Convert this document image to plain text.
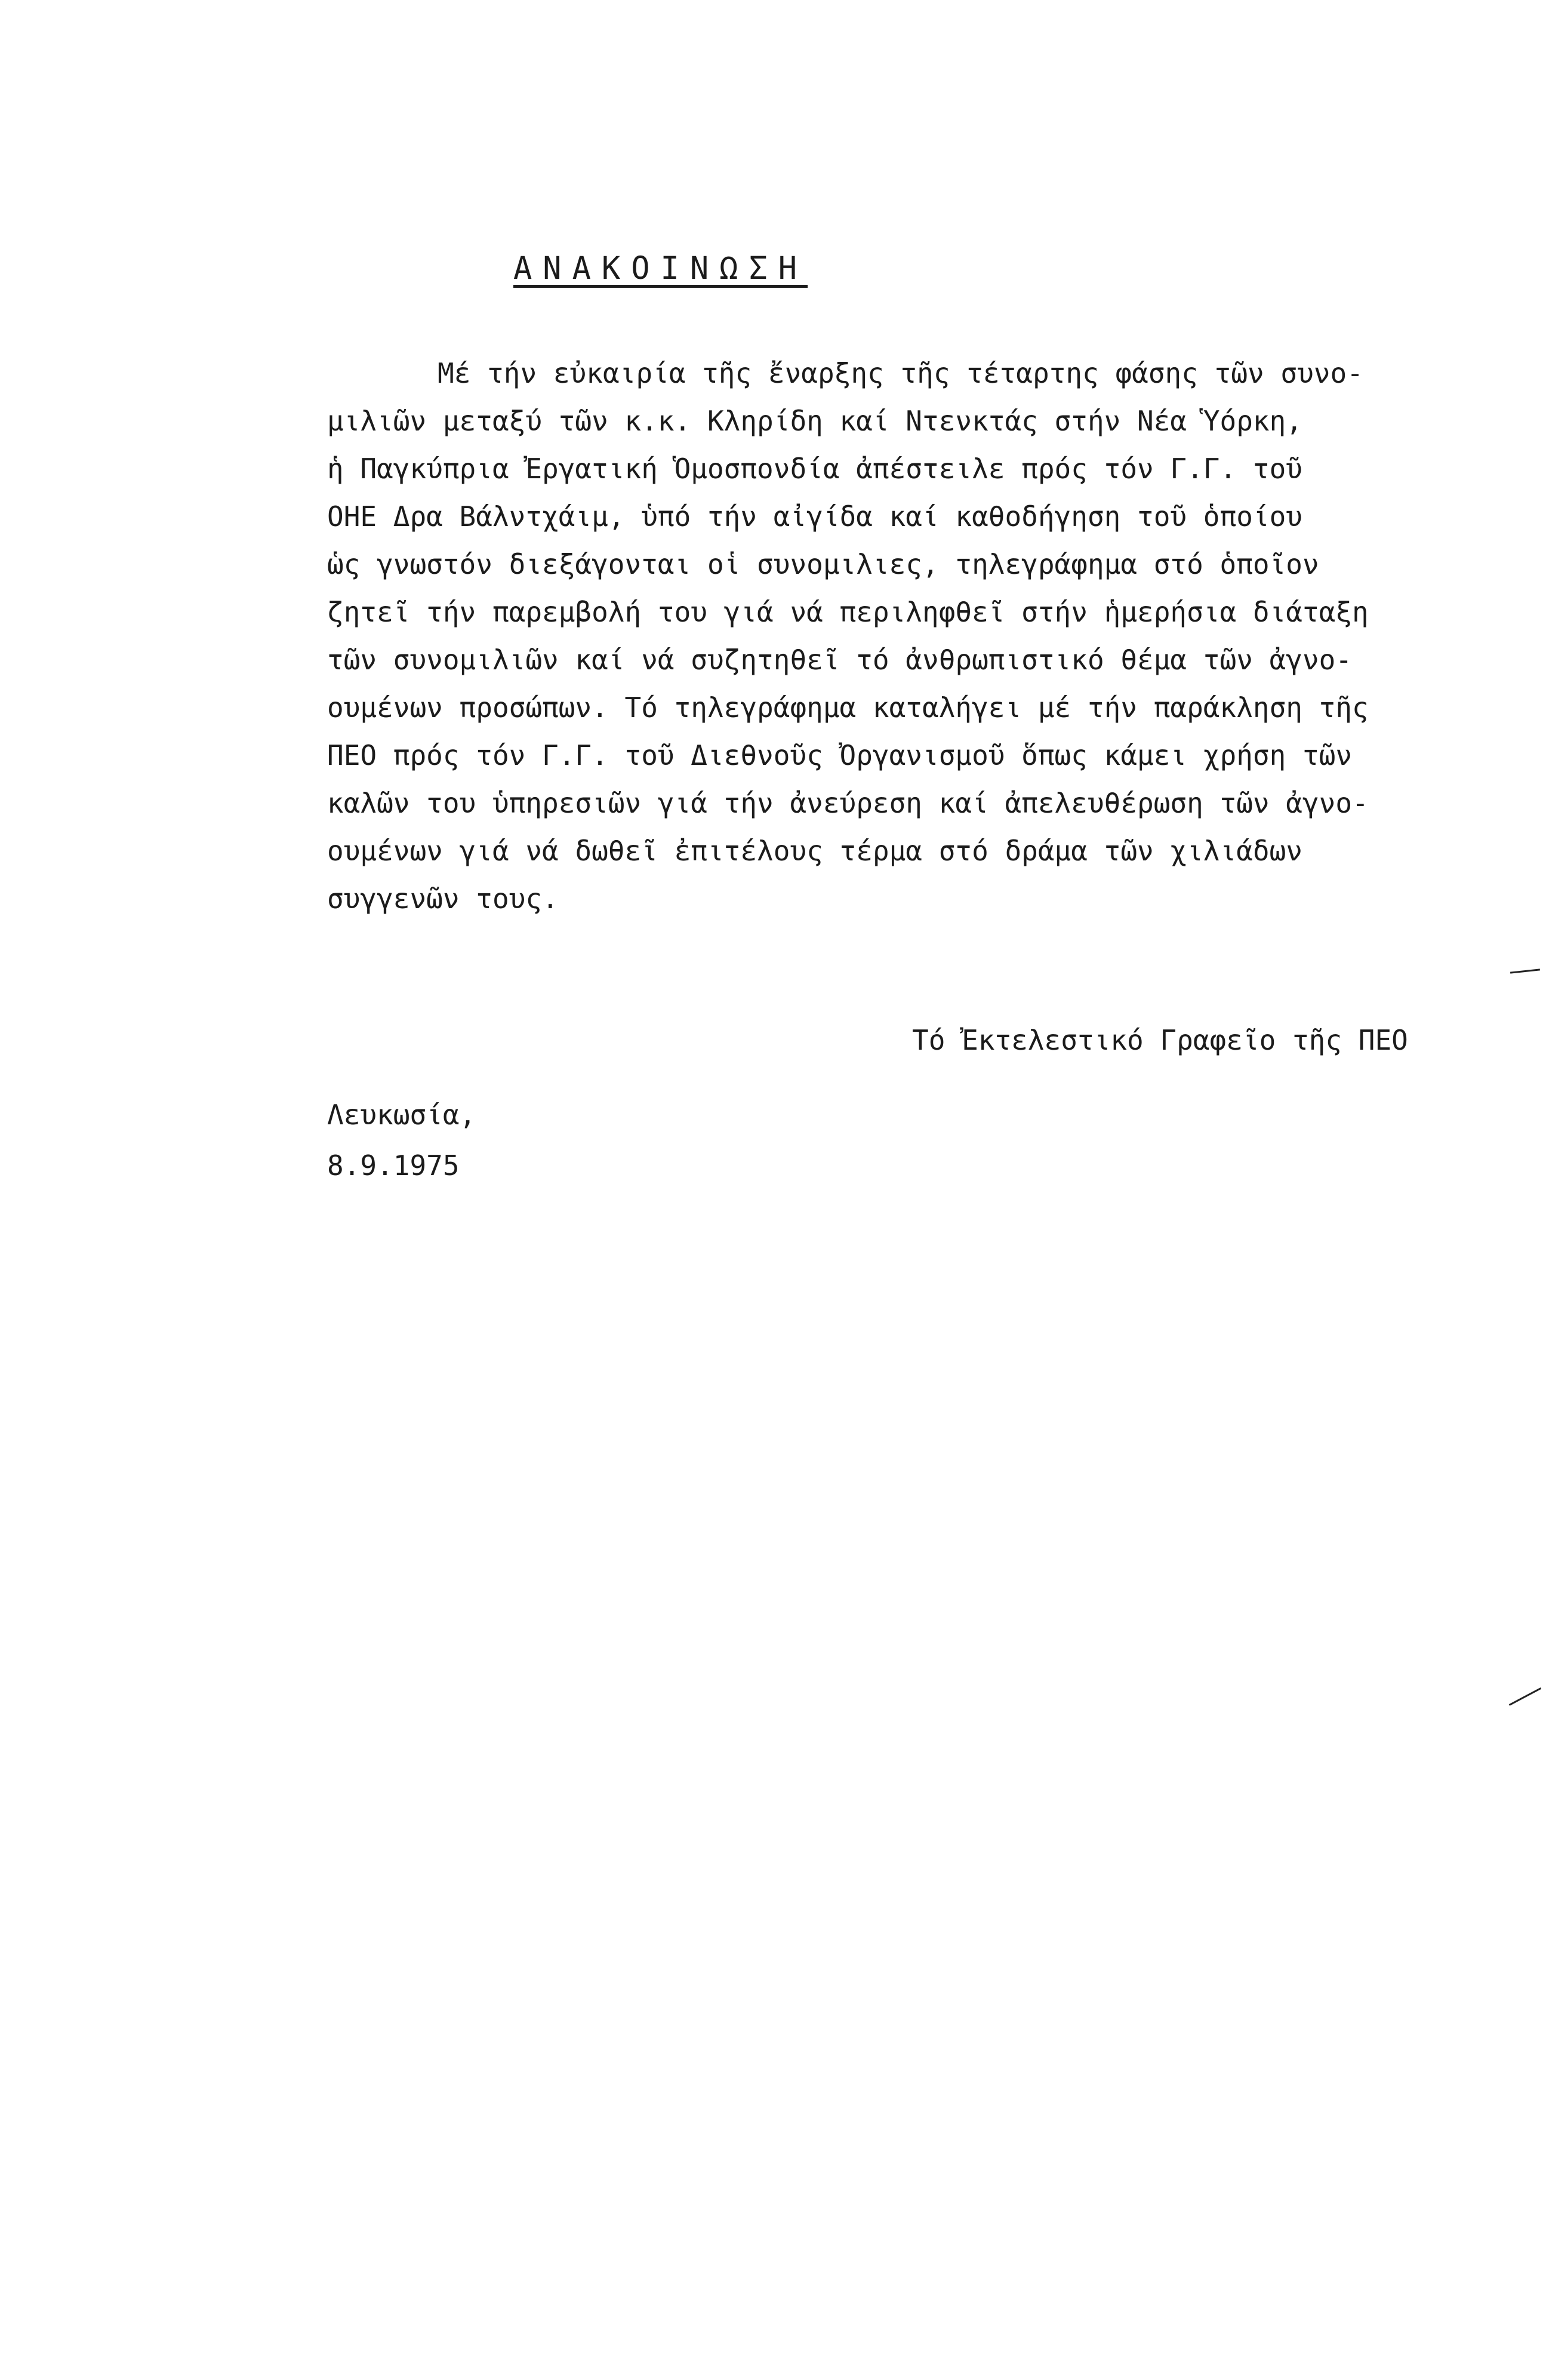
ΑΝΑΚΟΙΝΩΣΗ
Μέ τήν εὐκαιρία τῆς ἔναρξης τῆς τέταρτης φάσης τῶν συνο-
μιλιῶν μεταξύ τῶν κ.κ. Κληρίδη καί Ντενκτάς στήν Νέα Ὑόρκη,
ἡ Παγκύπρια Ἐργατική Ὁμοσπονδία ἀπέστειλε πρός τόν Γ.Γ. τοῦ
ΟΗΕ Δρα Βάλντχάιμ, ὑπό τήν αἰγίδα καί καθοδήγηση τοῦ ὁποίου
ὡς γνωστόν διεξάγονται οἱ συνομιλιες, τηλεγράφημα στό ὁποῖον
ζητεῖ τήν παρεμβολή του γιά νά περιληφθεῖ στήν ἡμερήσια διάταξη
τῶν συνομιλιῶν καί νά συζητηθεῖ τό ἀνθρωπιστικό θέμα τῶν ἀγνο-
ουμένων προσώπων. Τό τηλεγράφημα καταλήγει μέ τήν παράκληση τῆς
ΠΕΟ πρός τόν Γ.Γ. τοῦ Διεθνοῦς Ὀργανισμοῦ ὅπως κάμει χρήση τῶν
καλῶν του ὑπηρεσιῶν γιά τήν ἀνεύρεση καί ἀπελευθέρωση τῶν ἀγνο-
ουμένων γιά νά δωθεῖ ἐπιτέλους τέρμα στό δράμα τῶν χιλιάδων
συγγενῶν τους.
Τό Ἐκτελεστικό Γραφεῖο τῆς ΠΕΟ
Λευκωσία,
8.9.1975
